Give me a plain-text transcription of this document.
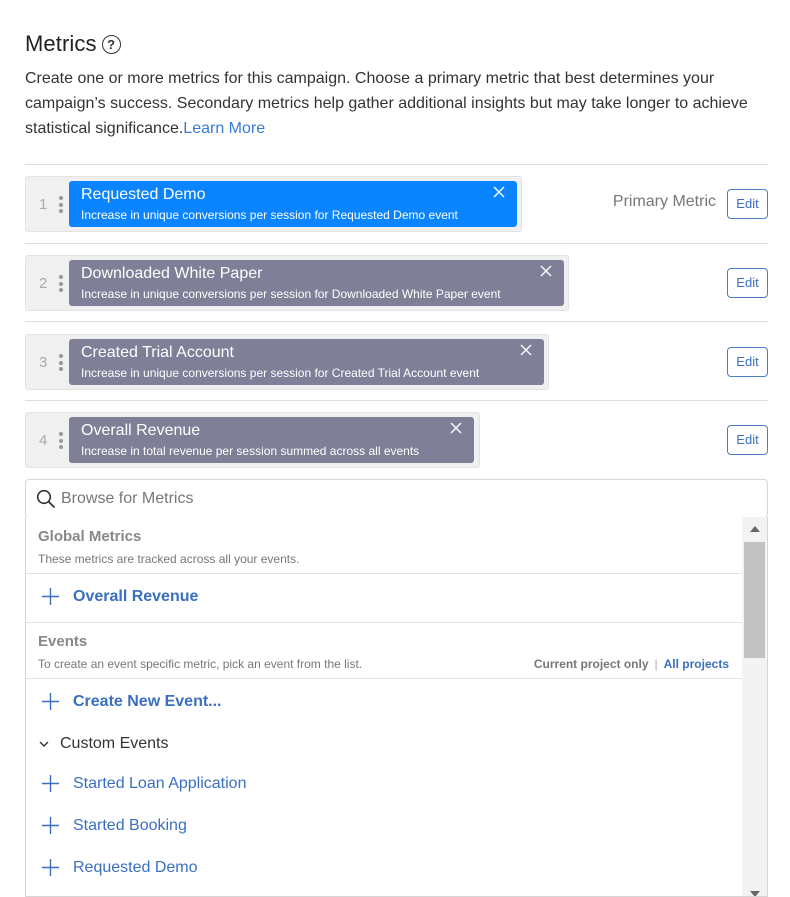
Metrics ?

Create one or more metrics for this campaign. Choose a primary metric that best determines your campaign’s success. Secondary metrics help gather additional insights but may take longer to achieve statistical significance.Learn More

1
Requested Demo
Increase in unique conversions per session for Requested Demo event
Primary Metric	Edit
2
Downloaded White Paper
Increase in unique conversions per session for Downloaded White Paper event
Edit
3
Created Trial Account
Increase in unique conversions per session for Created Trial Account event
Edit
4
Overall Revenue
Increase in total revenue per session summed across all events
Edit
Browse for Metrics
Global Metrics
These metrics are tracked across all your events.
Overall Revenue
Events
To create an event specific metric, pick an event from the list.	Current project only | All projects
Create New Event...
Custom Events
Started Loan Application
Started Booking
Requested Demo
